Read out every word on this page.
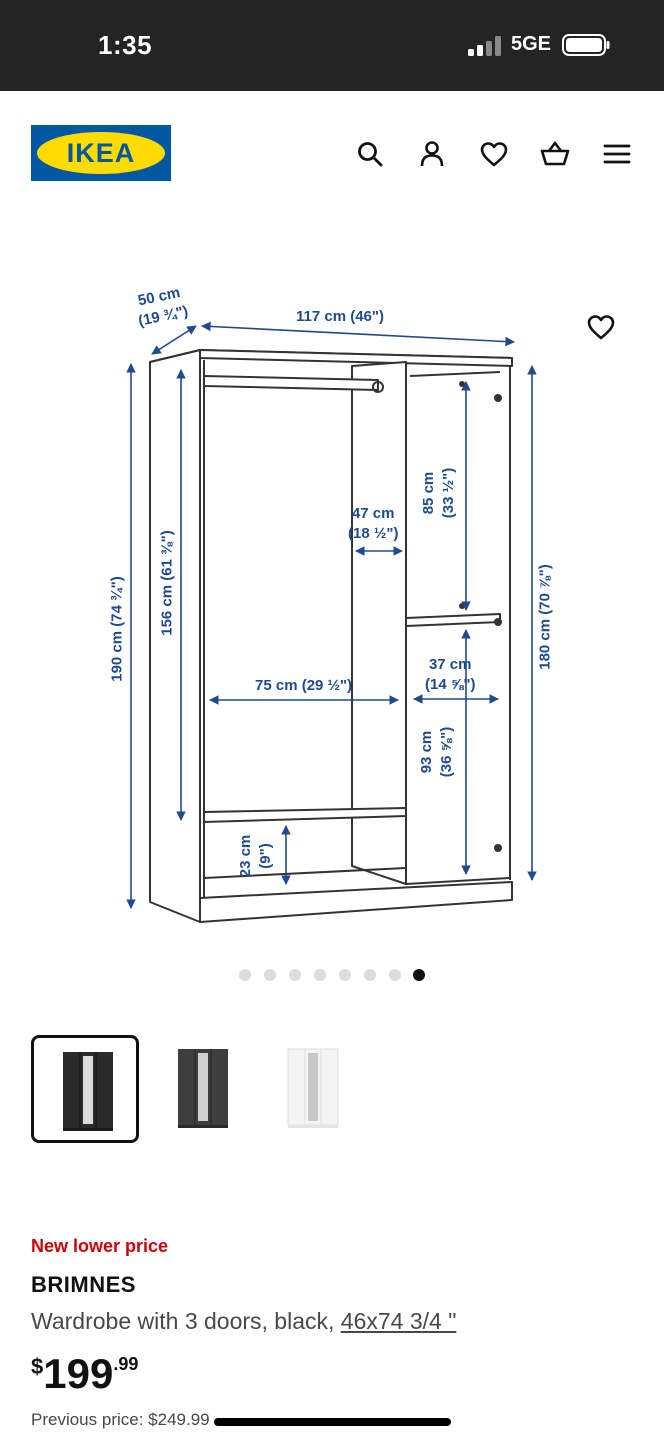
1:35	5GE
IKEA
50 cm
(19 ¾")	117 cm (46")
190 cm (74 ¾") 156 cm (61 ⅜")	180 cm (70 ⅞")
85 cm (33 ½")
47 cm
(18 ½")
75 cm (29 ½")
37 cm
(14 ⅝")
93 cm (36 ⅝")
23 cm (9")
New lower price
BRIMNES
Wardrobe with 3 doors, black, 46x74 3/4 "
$199.99
Previous price: $249.99
